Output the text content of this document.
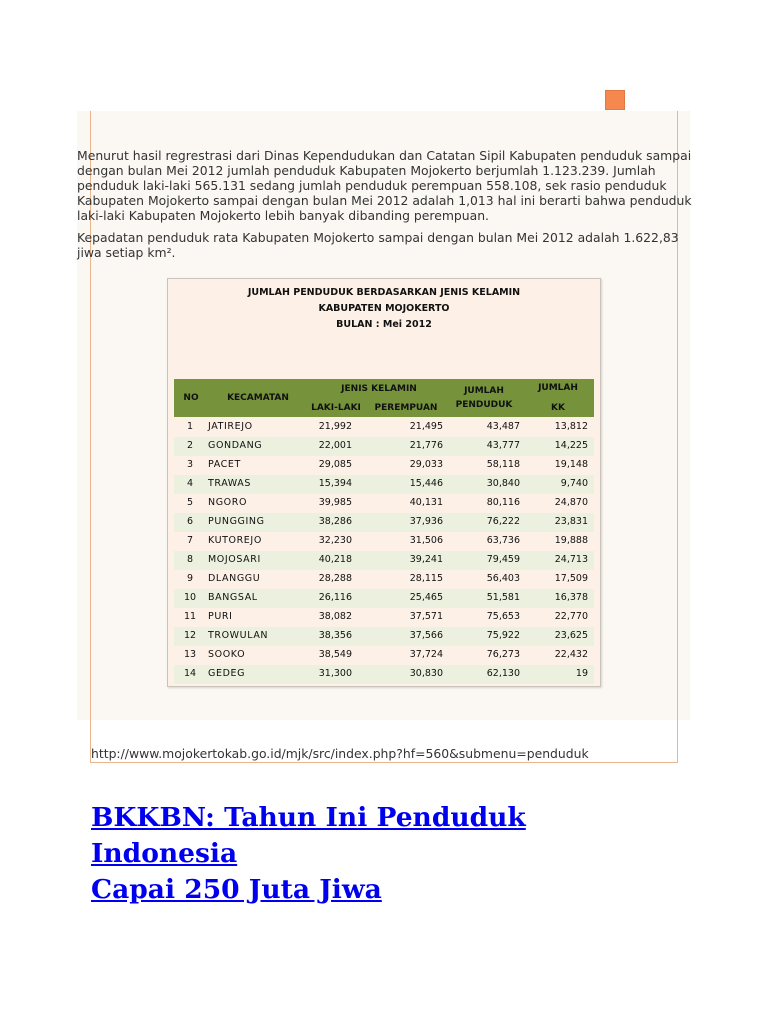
Menurut hasil regrestrasi dari Dinas Kependudukan dan Catatan Sipil Kabupaten penduduk sampai dengan bulan Mei 2012 jumlah penduduk Kabupaten Mojokerto berjumlah 1.123.239. Jumlah penduduk laki-laki 565.131 sedang jumlah penduduk perempuan 558.108, sek rasio penduduk Kabupaten Mojokerto sampai dengan bulan Mei 2012 adalah 1,013 hal ini berarti bahwa penduduk laki-laki Kabupaten Mojokerto lebih banyak dibanding perempuan.

Kepadatan penduduk rata Kabupaten Mojokerto sampai dengan bulan Mei 2012 adalah 1.622,83 jiwa setiap km².

JUMLAH PENDUDUK BERDASARKAN JENIS KELAMIN
KABUPATEN MOJOKERTO
BULAN : Mei 2012
NO	KECAMATAN
JENIS KELAMIN
LAKI-LAKI	PEREMPUAN
JUMLAH
PENDUDUK
JUMLAH
KK
1	JATIREJO	21,992	21,495	43,487	13,812
2	GONDANG	22,001	21,776	43,777	14,225
3	PACET	29,085	29,033	58,118	19,148
4	TRAWAS	15,394	15,446	30,840	9,740
5	NGORO	39,985	40,131	80,116	24,870
6	PUNGGING	38,286	37,936	76,222	23,831
7	KUTOREJO	32,230	31,506	63,736	19,888
8	MOJOSARI	40,218	39,241	79,459	24,713
9	DLANGGU	28,288	28,115	56,403	17,509
10	BANGSAL	26,116	25,465	51,581	16,378
11	PURI	38,082	37,571	75,653	22,770
12	TROWULAN	38,356	37,566	75,922	23,625
13	SOOKO	38,549	37,724	76,273	22,432
14	GEDEG	31,300	30,830	62,130	19
http://www.mojokertokab.go.id/mjk/src/index.php?hf=560&submenu=penduduk
BKKBN: Tahun Ini Penduduk Indonesia
Capai 250 Juta Jiwa
